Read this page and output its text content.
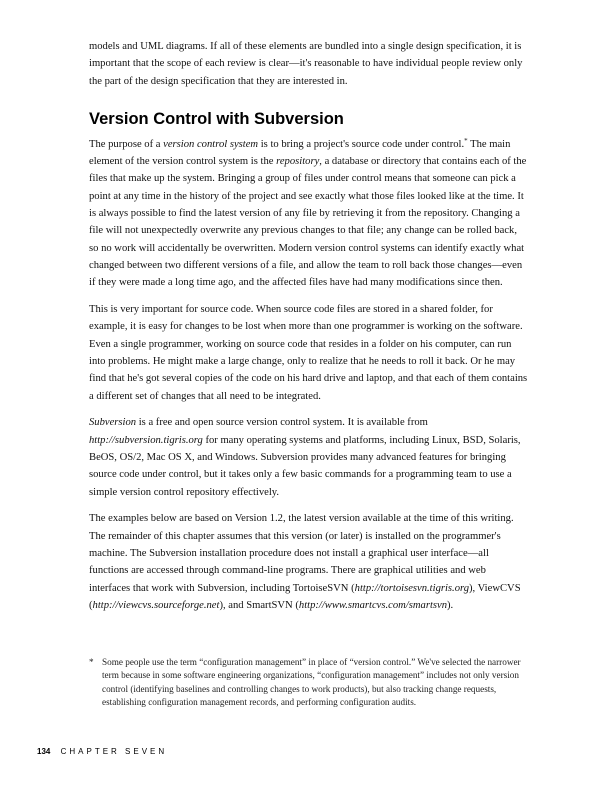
models and UML diagrams. If all of these elements are bundled into a single design specification, it is important that the scope of each review is clear—it's reasonable to have individual people review only the part of the design specification that they are interested in.

Version Control with Subversion

The purpose of a version control system is to bring a project's source code under control.* The main element of the version control system is the repository, a database or directory that contains each of the files that make up the system. Bringing a group of files under control means that someone can pick a point at any time in the history of the project and see exactly what those files looked like at the time. It is always possible to find the latest version of any file by retrieving it from the repository. Changing a file will not unexpectedly overwrite any previous changes to that file; any change can be rolled back, so no work will accidentally be overwritten. Modern version control systems can identify exactly what changed between two different versions of a file, and allow the team to roll back those changes—even if they were made a long time ago, and the affected files have had many modifications since then.

This is very important for source code. When source code files are stored in a shared folder, for example, it is easy for changes to be lost when more than one programmer is working on the software. Even a single programmer, working on source code that resides in a folder on his computer, can run into problems. He might make a large change, only to realize that he needs to roll it back. Or he may find that he's got several copies of the code on his hard drive and laptop, and that each of them contains a different set of changes that all need to be integrated.

Subversion is a free and open source version control system. It is available from http://subversion.tigris.org for many operating systems and platforms, including Linux, BSD, Solaris, BeOS, OS/2, Mac OS X, and Windows. Subversion provides many advanced features for bringing source code under control, but it takes only a few basic commands for a programming team to use a simple version control repository effectively.

The examples below are based on Version 1.2, the latest version available at the time of this writing. The remainder of this chapter assumes that this version (or later) is installed on the programmer's machine. The Subversion installation procedure does not install a graphical user interface—all functions are accessed through command-line programs. There are graphical utilities and web interfaces that work with Subversion, including TortoiseSVN (http://tortoisesvn.tigris.org), ViewCVS (http://viewcvs.sourceforge.net), and SmartSVN (http://www.smartcvs.com/smartsvn).

* Some people use the term “configuration management” in place of “version control.” We've selected the narrower term because in some software engineering organizations, “configuration management” includes not only version control (identifying baselines and controlling changes to work products), but also tracking change requests, establishing configuration management records, and performing configuration audits.
134 CHAPTER SEVEN
